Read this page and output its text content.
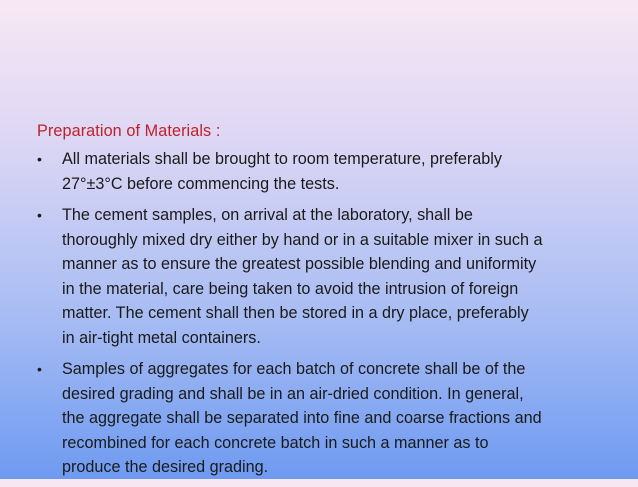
Preparation of Materials :
• All materials shall be brought to room temperature, preferably
27°±3°C before commencing the tests.
• The cement samples, on arrival at the laboratory, shall be
thoroughly mixed dry either by hand or in a suitable mixer in such a
manner as to ensure the greatest possible blending and uniformity
in the material, care being taken to avoid the intrusion of foreign
matter. The cement shall then be stored in a dry place, preferably
in air-tight metal containers.
• Samples of aggregates for each batch of concrete shall be of the
desired grading and shall be in an air-dried condition. In general,
the aggregate shall be separated into fine and coarse fractions and
recombined for each concrete batch in such a manner as to
produce the desired grading.
